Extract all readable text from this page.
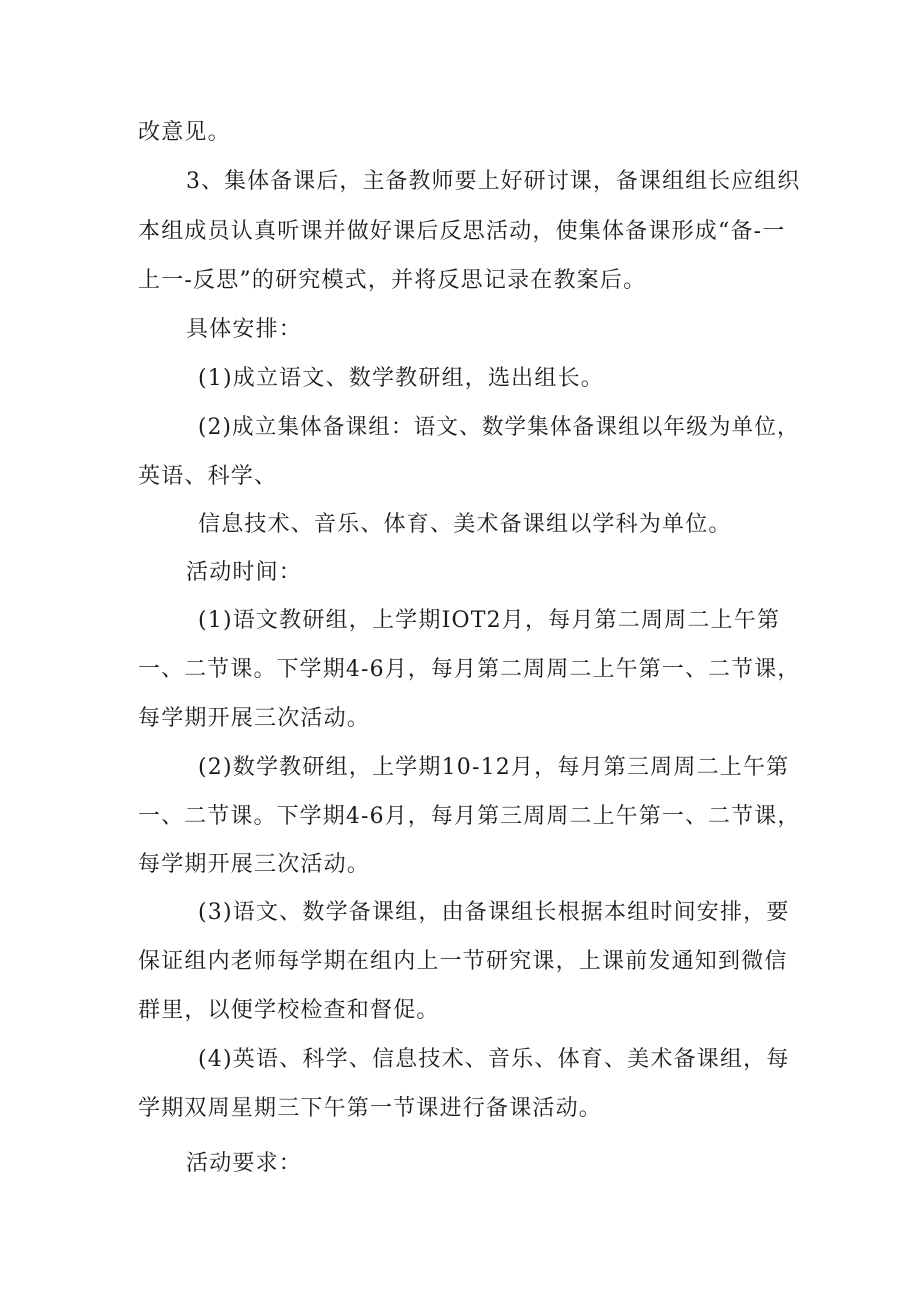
改意见。
3、集体备课后，主备教师要上好研讨课，备课组组长应组织
本组成员认真听课并做好课后反思活动，使集体备课形成“备-一
上一-反思”的研究模式，并将反思记录在教案后。
具体安排：
(1)成立语文、数学教研组，选出组长。
(2)成立集体备课组：语文、数学集体备课组以年级为单位，
英语、科学、
信息技术、音乐、体育、美术备课组以学科为单位。
活动时间：
(1)语文教研组，上学期IOT2月，每月第二周周二上午第
一、二节课。下学期4-6月，每月第二周周二上午第一、二节课，
每学期开展三次活动。
(2)数学教研组，上学期10-12月，每月第三周周二上午第
一、二节课。下学期4-6月，每月第三周周二上午第一、二节课，
每学期开展三次活动。
(3)语文、数学备课组，由备课组长根据本组时间安排，要
保证组内老师每学期在组内上一节研究课，上课前发通知到微信
群里，以便学校检查和督促。
(4)英语、科学、信息技术、音乐、体育、美术备课组，每
学期双周星期三下午第一节课进行备课活动。
活动要求：
